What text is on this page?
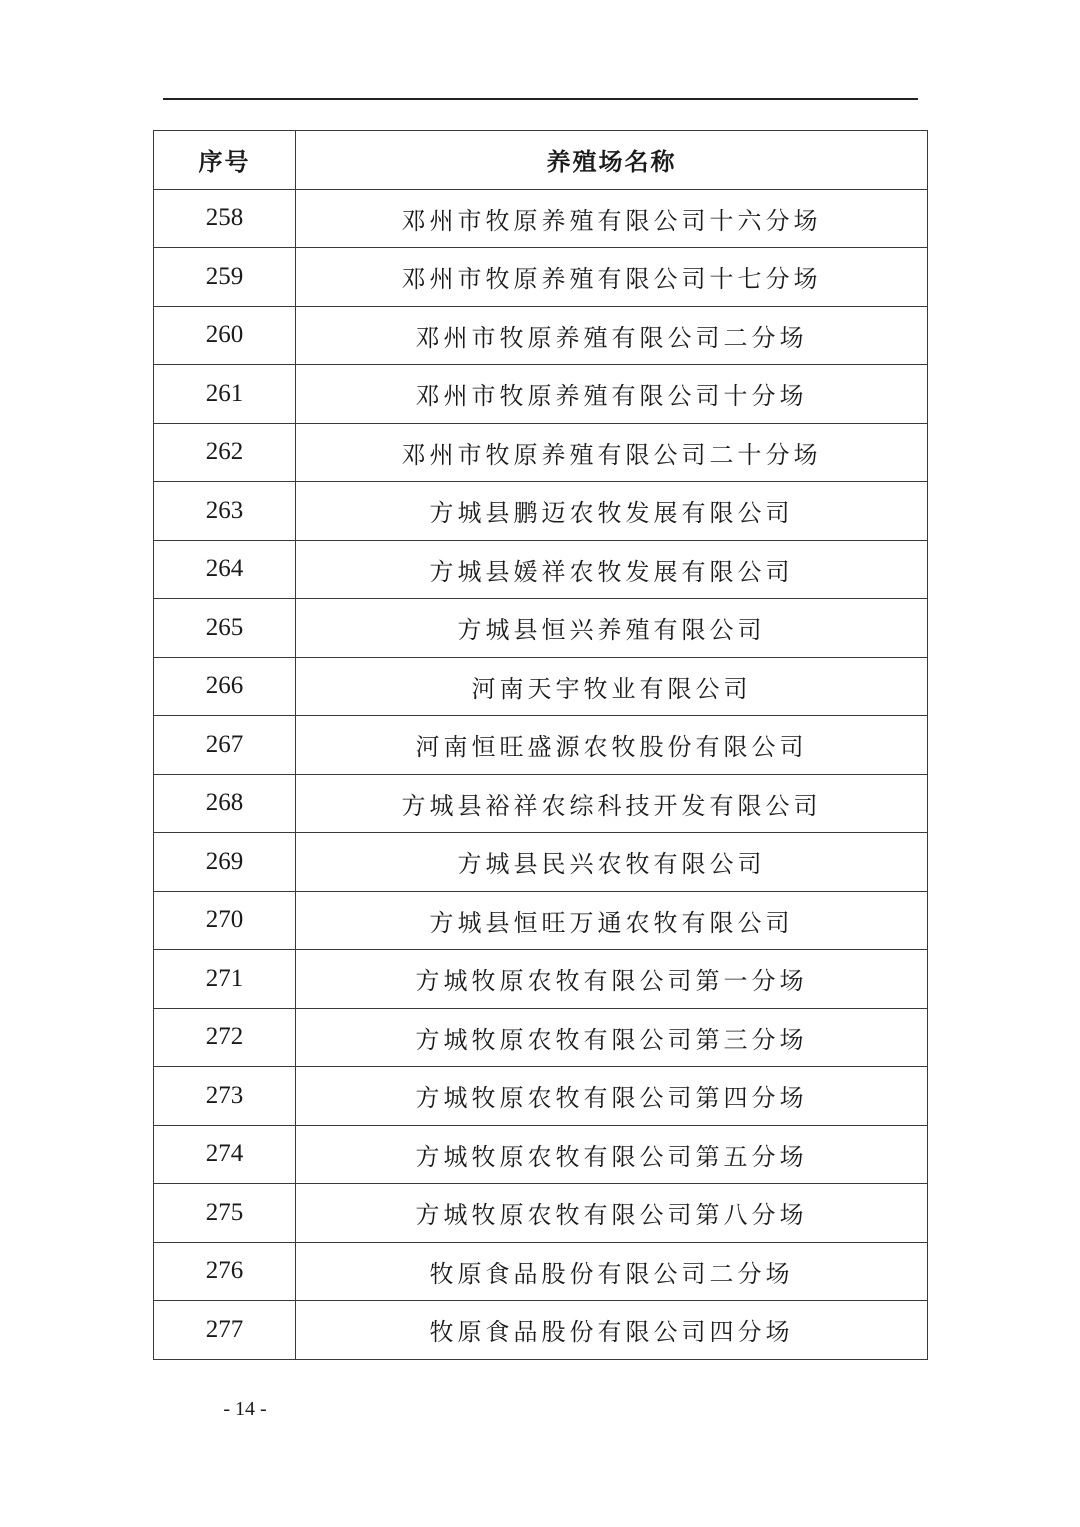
序号	养殖场名称
258	邓州市牧原养殖有限公司十六分场
259	邓州市牧原养殖有限公司十七分场
260	邓州市牧原养殖有限公司二分场
261	邓州市牧原养殖有限公司十分场
262	邓州市牧原养殖有限公司二十分场
263	方城县鹏迈农牧发展有限公司
264	方城县媛祥农牧发展有限公司
265	方城县恒兴养殖有限公司
266	河南天宇牧业有限公司
267	河南恒旺盛源农牧股份有限公司
268	方城县裕祥农综科技开发有限公司
269	方城县民兴农牧有限公司
270	方城县恒旺万通农牧有限公司
271	方城牧原农牧有限公司第一分场
272	方城牧原农牧有限公司第三分场
273	方城牧原农牧有限公司第四分场
274	方城牧原农牧有限公司第五分场
275	方城牧原农牧有限公司第八分场
276	牧原食品股份有限公司二分场
277	牧原食品股份有限公司四分场
- 14 -
